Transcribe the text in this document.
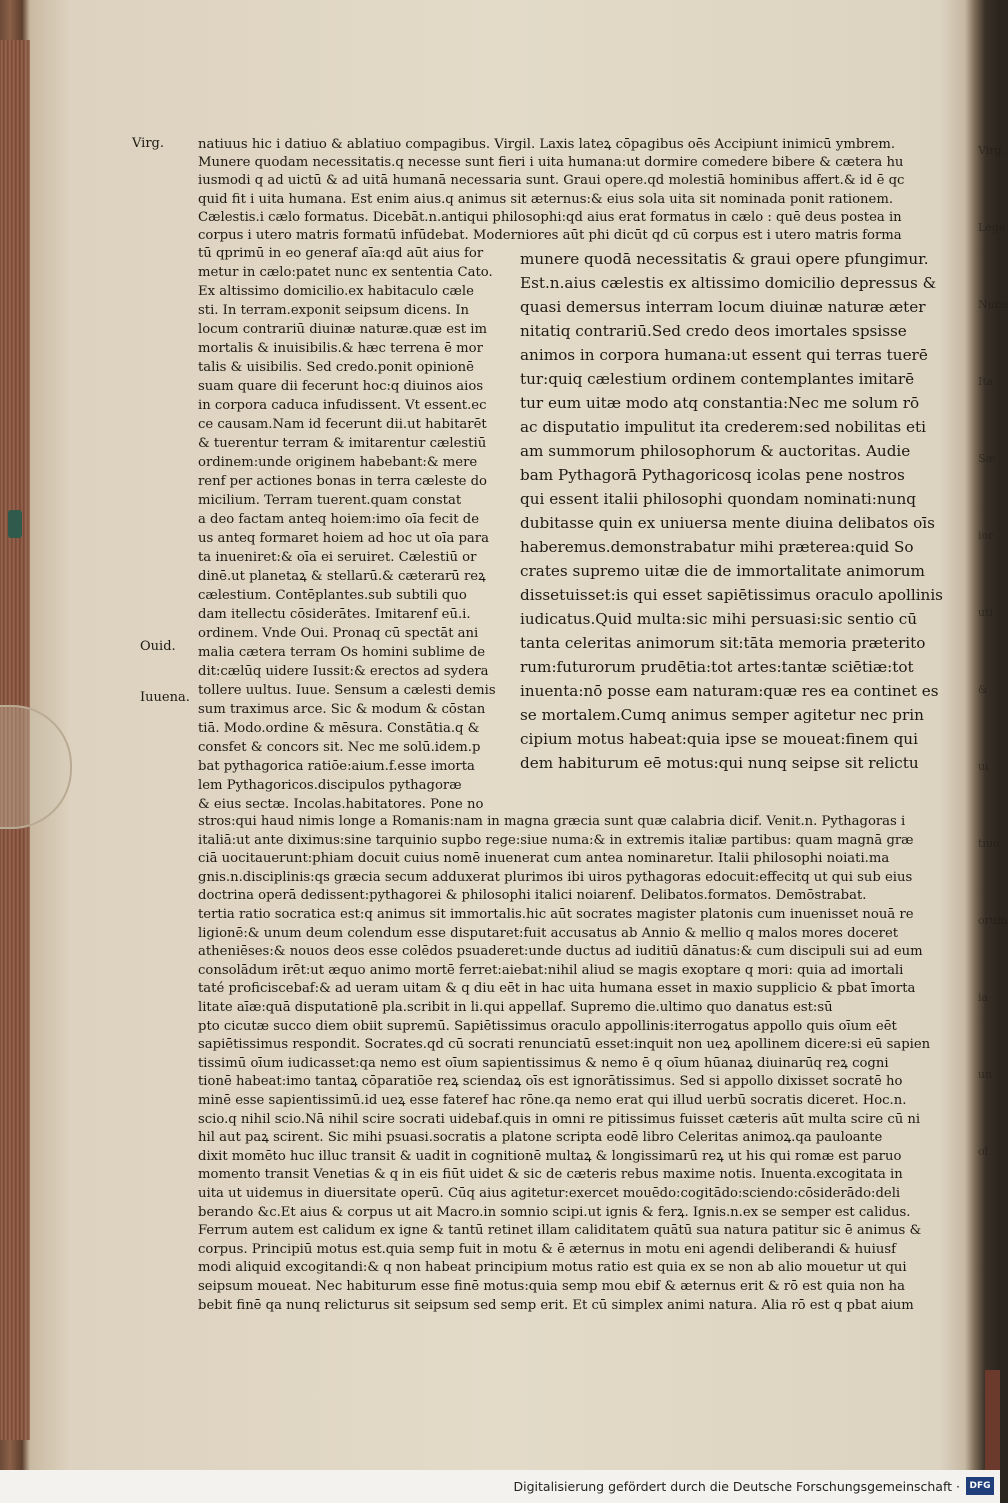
Virg.
Lege
Nune
Ita
Sæ
ior
uti
&
ui
tiuo
orum
ia
un
ol
Virg.
Ouid.
Iuuena.
natiuus hic i datiuo & ablatiuo compagibus. Virgil. Laxis lateꝝ cōpagibus oēs Accipiunt inimicū ymbrem.
Munere quodam necessitatis.q necesse sunt fieri i uita humana:ut dormire comedere bibere & cætera hu
iusmodi q ad uictū & ad uitā humanā necessaria sunt. Graui opere.qd molestiā hominibus affert.& id ē qc
quid fit i uita humana. Est enim aius.q animus sit æternus:& eius sola uita sit nominada ponit rationem.
Cælestis.i cælo formatus. Dicebāt.n.antiqui philosophi:qd aius erat formatus in cælo : quē deus postea in
corpus i utero matris formatū infūdebat. Moderniores aūt phi dicūt qd cū corpus est i utero matris forma
tū qprimū in eo generaf aīa:qd aūt aius for
metur in cælo:patet nunc ex sententia Cato.
Ex altissimo domicilio.ex habitaculo cæle
sti. In terram.exponit seipsum dicens. In
locum contrariū diuinæ naturæ.quæ est im
mortalis & inuisibilis.& hæc terrena ē mor
talis & uisibilis. Sed credo.ponit opinionē
suam quare dii fecerunt hoc:q diuinos aios
in corpora caduca infudissent. Vt essent.ec
ce causam.Nam id fecerunt dii.ut habitarēt
& tuerentur terram & imitarentur cælestiū
ordinem:unde originem habebant:& mere
renf per actiones bonas in terra cæleste do
micilium. Terram tuerent.quam constat
a deo factam anteq hoiem:imo oīa fecit de
us anteq formaret hoiem ad hoc ut oīa para
ta inueniret:& oīa ei seruiret. Cælestiū or
dinē.ut planetaꝝ & stellarū.& cæterarū reꝝ
cælestium. Contēplantes.sub subtili quo
dam itellectu cōsiderātes. Imitarenf eū.i.
ordinem. Vnde Oui. Pronaq cū spectāt ani
malia cætera terram Os homini sublime de
dit:cælūq uidere Iussit:& erectos ad sydera
tollere uultus. Iuue. Sensum a cælesti demis
sum traximus arce. Sic & modum & cōstan
tiā. Modo.ordine & mēsura. Constātia.q &
consfet & concors sit. Nec me solū.idem.p
bat pythagorica ratiōe:aium.f.esse imorta
lem Pythagoricos.discipulos pythagoræ
& eius sectæ. Incolas.habitatores. Pone no
munere quodā necessitatis & graui opere pfungimur.
Est.n.aius cælestis ex altissimo domicilio depressus &
quasi demersus interram locum diuinæ naturæ æter
nitatiq contrariū.Sed credo deos imortales spsisse
animos in corpora humana:ut essent qui terras tuerē
tur:quiq cælestium ordinem contemplantes imitarē
tur eum uitæ modo atq constantia:Nec me solum rō
ac disputatio impulitut ita crederem:sed nobilitas eti
am summorum philosophorum & auctoritas. Audie
bam Pythagorā Pythagoricosq icolas pene nostros
qui essent italii philosophi quondam nominati:nunq
dubitasse quin ex uniuersa mente diuina delibatos oīs
haberemus.demonstrabatur mihi præterea:quid So
crates supremo uitæ die de immortalitate animorum
dissetuisset:is qui esset sapiētissimus oraculo apollinis
iudicatus.Quid multa:sic mihi persuasi:sic sentio cū
tanta celeritas animorum sit:tāta memoria præterito
rum:futurorum prudētia:tot artes:tantæ sciētiæ:tot
inuenta:nō posse eam naturam:quæ res ea continet es
se mortalem.Cumq animus semper agitetur nec prin
cipium motus habeat:quia ipse se moueat:finem qui
dem habiturum eē motus:qui nunq seipse sit relictu
stros:qui haud nimis longe a Romanis:nam in magna græcia sunt quæ calabria dicif. Venit.n. Pythagoras i
italiā:ut ante diximus:sine tarquinio supbo rege:siue numa:& in extremis italiæ partibus: quam magnā græ
ciā uocitauerunt:phiam docuit cuius nomē inuenerat cum antea nominaretur. Italii philosophi noiati.ma
gnis.n.disciplinis:qs græcia secum adduxerat plurimos ibi uiros pythagoras edocuit:effecitq ut qui sub eius
doctrina operā dedissent:pythagorei & philosophi italici noiarenf. Delibatos.formatos. Demōstrabat.
tertia ratio socratica est:q animus sit immortalis.hic aūt socrates magister platonis cum inuenisset nouā re
ligionē:& unum deum colendum esse disputaret:fuit accusatus ab Annio & mellio q malos mores doceret
atheniēses:& nouos deos esse colēdos psuaderet:unde ductus ad iuditiū dānatus:& cum discipuli sui ad eum
consolādum irēt:ut æquo animo mortē ferret:aiebat:nihil aliud se magis exoptare q mori: quia ad imortali
taté proficiscebaf:& ad ueram uitam & q diu eēt in hac uita humana esset in maxio supplicio & pbat īmorta
litate aīæ:quā disputationē pla.scribit in li.qui appellaf. Supremo die.ultimo quo danatus est:sū
pto cicutæ succo diem obiit supremū. Sapiētissimus oraculo appollinis:iterrogatus appollo quis oīum eēt
sapiētissimus respondit. Socrates.qd cū socrati renunciatū esset:inquit non ueꝝ apollinem dicere:si eū sapien
tissimū oīum iudicasset:qa nemo est oīum sapientissimus & nemo ē q oīum hūanaꝝ diuinarūq reꝝ cogni
tionē habeat:imo tantaꝝ cōparatiōe reꝝ sciendaꝝ oīs est ignorātissimus. Sed si appollo dixisset socratē ho
minē esse sapientissimū.id ueꝝ esse fateref hac rōne.qa nemo erat qui illud uerbū socratis diceret. Hoc.n.
scio.q nihil scio.Nā nihil scire socrati uidebaf.quis in omni re pitissimus fuisset cæteris aūt multa scire cū ni
hil aut paꝝ scirent. Sic mihi psuasi.socratis a platone scripta eodē libro Celeritas animoꝝ.qa pauloante
dixit momēto huc illuc transit & uadit in cognitionē multaꝝ & longissimarū reꝝ ut his qui romæ est paruo
momento transit Venetias & q in eis fiūt uidet & sic de cæteris rebus maxime notis. Inuenta.excogitata in
uita ut uidemus in diuersitate operū. Cūq aius agitetur:exercet mouēdo:cogitādo:sciendo:cōsiderādo:deli
berando &c.Et aius & corpus ut ait Macro.in somnio scipi.ut ignis & ferꝝ. Ignis.n.ex se semper est calidus.
Ferrum autem est calidum ex igne & tantū retinet illam caliditatem quātū sua natura patitur sic ē animus &
corpus. Principiū motus est.quia semp fuit in motu & ē æternus in motu eni agendi deliberandi & huiusf
modi aliquid excogitandi:& q non habeat principium motus ratio est quia ex se non ab alio mouetur ut qui
seipsum moueat. Nec habiturum esse finē motus:quia semp mou ebif & æternus erit & rō est quia non ha
bebit finē qa nunq relicturus sit seipsum sed semp erit. Et cū simplex animi natura. Alia rō est q pbat aium
Digitalisierung gefördert durch die Deutsche Forschungsgemeinschaft ·	DFG
